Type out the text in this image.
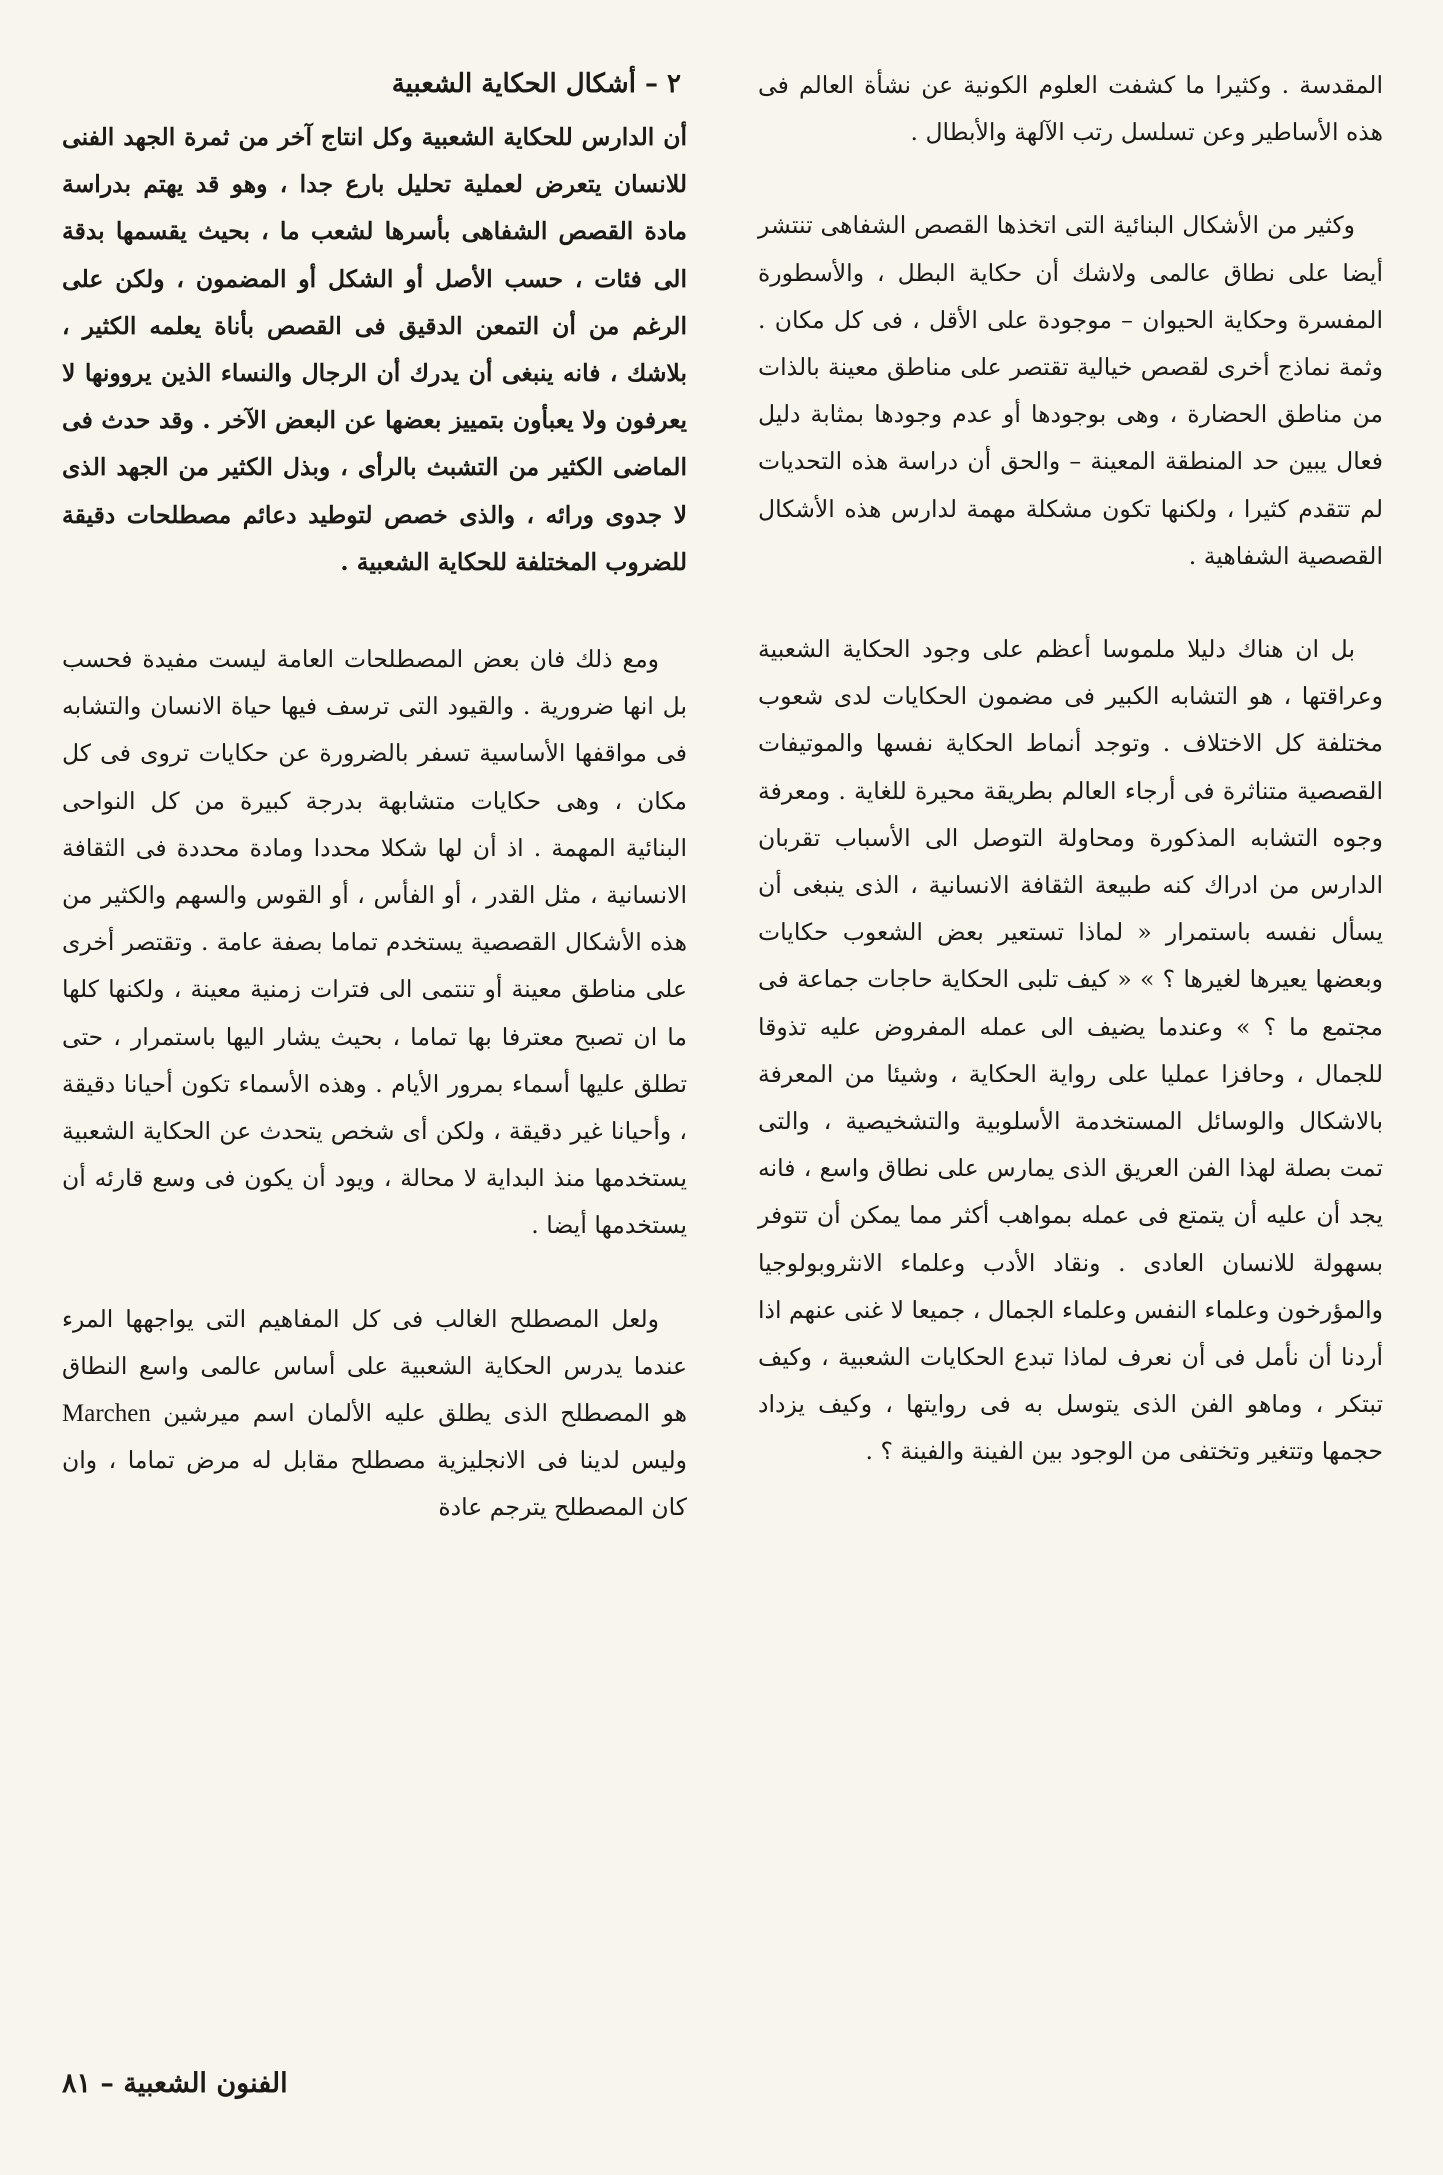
المقدسة . وكثيرا ما كشفت العلوم الكونية عن نشأة العالم فى هذه الأساطير وعن تسلسل رتب الآلهة والأبطال .

وكثير من الأشكال البنائية التى اتخذها القصص الشفاهى تنتشر أيضا على نطاق عالمى ولاشك أن حكاية البطل ، والأسطورة المفسرة وحكاية الحيوان – موجودة على الأقل ، فى كل مكان . وثمة نماذج أخرى لقصص خيالية تقتصر على مناطق معينة بالذات من مناطق الحضارة ، وهى بوجودها أو عدم وجودها بمثابة دليل فعال يبين حد المنطقة المعينة – والحق أن دراسة هذه التحديات لم تتقدم كثيرا ، ولكنها تكون مشكلة مهمة لدارس هذه الأشكال القصصية الشفاهية .

بل ان هناك دليلا ملموسا أعظم على وجود الحكاية الشعبية وعراقتها ، هو التشابه الكبير فى مضمون الحكايات لدى شعوب مختلفة كل الاختلاف . وتوجد أنماط الحكاية نفسها والموتيفات القصصية متناثرة فى أرجاء العالم بطريقة محيرة للغاية . ومعرفة وجوه التشابه المذكورة ومحاولة التوصل الى الأسباب تقربان الدارس من ادراك كنه طبيعة الثقافة الانسانية ، الذى ينبغى أن يسأل نفسه باستمرار « لماذا تستعير بعض الشعوب حكايات وبعضها يعيرها لغيرها ؟ » « كيف تلبى الحكاية حاجات جماعة فى مجتمع ما ؟ » وعندما يضيف الى عمله المفروض عليه تذوقا للجمال ، وحافزا عمليا على رواية الحكاية ، وشيئا من المعرفة بالاشكال والوسائل المستخدمة الأسلوبية والتشخيصية ، والتى تمت بصلة لهذا الفن العريق الذى يمارس على نطاق واسع ، فانه يجد أن عليه أن يتمتع فى عمله بمواهب أكثر مما يمكن أن تتوفر بسهولة للانسان العادى . ونقاد الأدب وعلماء الانثروبولوجيا والمؤرخون وعلماء النفس وعلماء الجمال ، جميعا لا غنى عنهم اذا أردنا أن نأمل فى أن نعرف لماذا تبدع الحكايات الشعبية ، وكيف تبتكر ، وماهو الفن الذى يتوسل به فى روايتها ، وكيف يزداد حجمها وتتغير وتختفى من الوجود بين الفينة والفينة ؟ .

٢ – أشكال الحكاية الشعبية

أن الدارس للحكاية الشعبية وكل انتاج آخر من ثمرة الجهد الفنى للانسان يتعرض لعملية تحليل بارع جدا ، وهو قد يهتم بدراسة مادة القصص الشفاهى بأسرها لشعب ما ، بحيث يقسمها بدقة الى فئات ، حسب الأصل أو الشكل أو المضمون ، ولكن على الرغم من أن التمعن الدقيق فى القصص بأناة يعلمه الكثير ، بلاشك ، فانه ينبغى أن يدرك أن الرجال والنساء الذين يروونها لا يعرفون ولا يعبأون بتمييز بعضها عن البعض الآخر . وقد حدث فى الماضى الكثير من التشبث بالرأى ، وبذل الكثير من الجهد الذى لا جدوى ورائه ، والذى خصص لتوطيد دعائم مصطلحات دقيقة للضروب المختلفة للحكاية الشعبية .

ومع ذلك فان بعض المصطلحات العامة ليست مفيدة فحسب بل انها ضرورية . والقيود التى ترسف فيها حياة الانسان والتشابه فى مواقفها الأساسية تسفر بالضرورة عن حكايات تروى فى كل مكان ، وهى حكايات متشابهة بدرجة كبيرة من كل النواحى البنائية المهمة . اذ أن لها شكلا محددا ومادة محددة فى الثقافة الانسانية ، مثل القدر ، أو الفأس ، أو القوس والسهم والكثير من هذه الأشكال القصصية يستخدم تماما بصفة عامة . وتقتصر أخرى على مناطق معينة أو تنتمى الى فترات زمنية معينة ، ولكنها كلها ما ان تصبح معترفا بها تماما ، بحيث يشار اليها باستمرار ، حتى تطلق عليها أسماء بمرور الأيام . وهذه الأسماء تكون أحيانا دقيقة ، وأحيانا غير دقيقة ، ولكن أى شخص يتحدث عن الحكاية الشعبية يستخدمها منذ البداية لا محالة ، ويود أن يكون فى وسع قارئه أن يستخدمها أيضا .

ولعل المصطلح الغالب فى كل المفاهيم التى يواجهها المرء عندما يدرس الحكاية الشعبية على أساس عالمى واسع النطاق هو المصطلح الذى يطلق عليه الألمان اسم ميرشين Marchen وليس لدينا فى الانجليزية مصطلح مقابل له مرض تماما ، وان كان المصطلح يترجم عادة

الفنون الشعبية – ٨١
